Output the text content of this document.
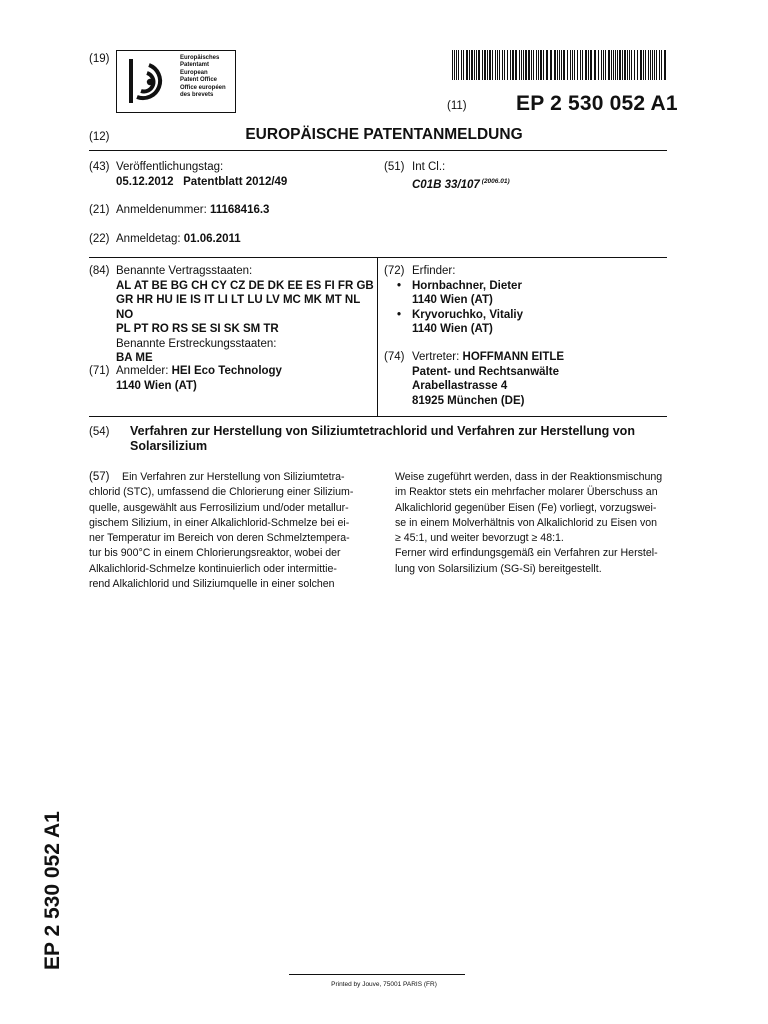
(19)	Europäisches
Patentamt
European
Patent Office
Office européen
des brevets
(11) EP 2 530 052 A1
(12)	EUROPÄISCHE PATENTANMELDUNG
(43) Veröffentlichungstag:
05.12.2012   Patentblatt 2012/49
(51) Int Cl.:
C01B 33/107 $^{(2006.01)}$
(21) Anmeldenummer: 11168416.3
(22) Anmeldetag: 01.06.2011
(84) Benannte Vertragsstaaten:
AL AT BE BG CH CY CZ DE DK EE ES FI FR GB
GR HR HU IE IS IT LI LT LU LV MC MK MT NL NO
PL PT RO RS SE SI SK SM TR
Benannte Erstreckungsstaaten:
BA ME
(71) Anmelder: HEI Eco Technology
1140 Wien (AT)
(72) Erfinder:
• Hornbachner, Dieter
1140 Wien (AT)
• Kryvoruchko, Vitaliy
1140 Wien (AT)
(74) Vertreter: HOFFMANN EITLE
Patent- und Rechtsanwälte
Arabellastrasse 4
81925 München (DE)
(54) Verfahren zur Herstellung von Siliziumtetrachlorid und Verfahren zur Herstellung von
Solarsilizium
(57)	Ein Verfahren zur Herstellung von Siliziumtetra-

chlorid (STC), umfassend die Chlorierung einer Silizium-

quelle, ausgewählt aus Ferrosilizium und/oder metallur-

gischem Silizium, in einer Alkalichlorid-Schmelze bei ei-

ner Temperatur im Bereich von deren Schmelztempera-

tur bis 900°C in einem Chlorierungsreaktor, wobei der

Alkalichlorid-Schmelze kontinuierlich oder intermittie-

rend Alkalichlorid und Siliziumquelle in einer solchen

Weise zugeführt werden, dass in der Reaktionsmischung

im Reaktor stets ein mehrfacher molarer Überschuss an

Alkalichlorid gegenüber Eisen (Fe) vorliegt, vorzugswei-

se in einem Molverhältnis von Alkalichlorid zu Eisen von

≥ 45:1, und weiter bevorzugt ≥ 48:1.

Ferner wird erfindungsgemäß ein Verfahren zur Herstel-

lung von Solarsilizium (SG-Si) bereitgestellt.

EP 2 530 052 A1
Printed by Jouve, 75001 PARIS (FR)
